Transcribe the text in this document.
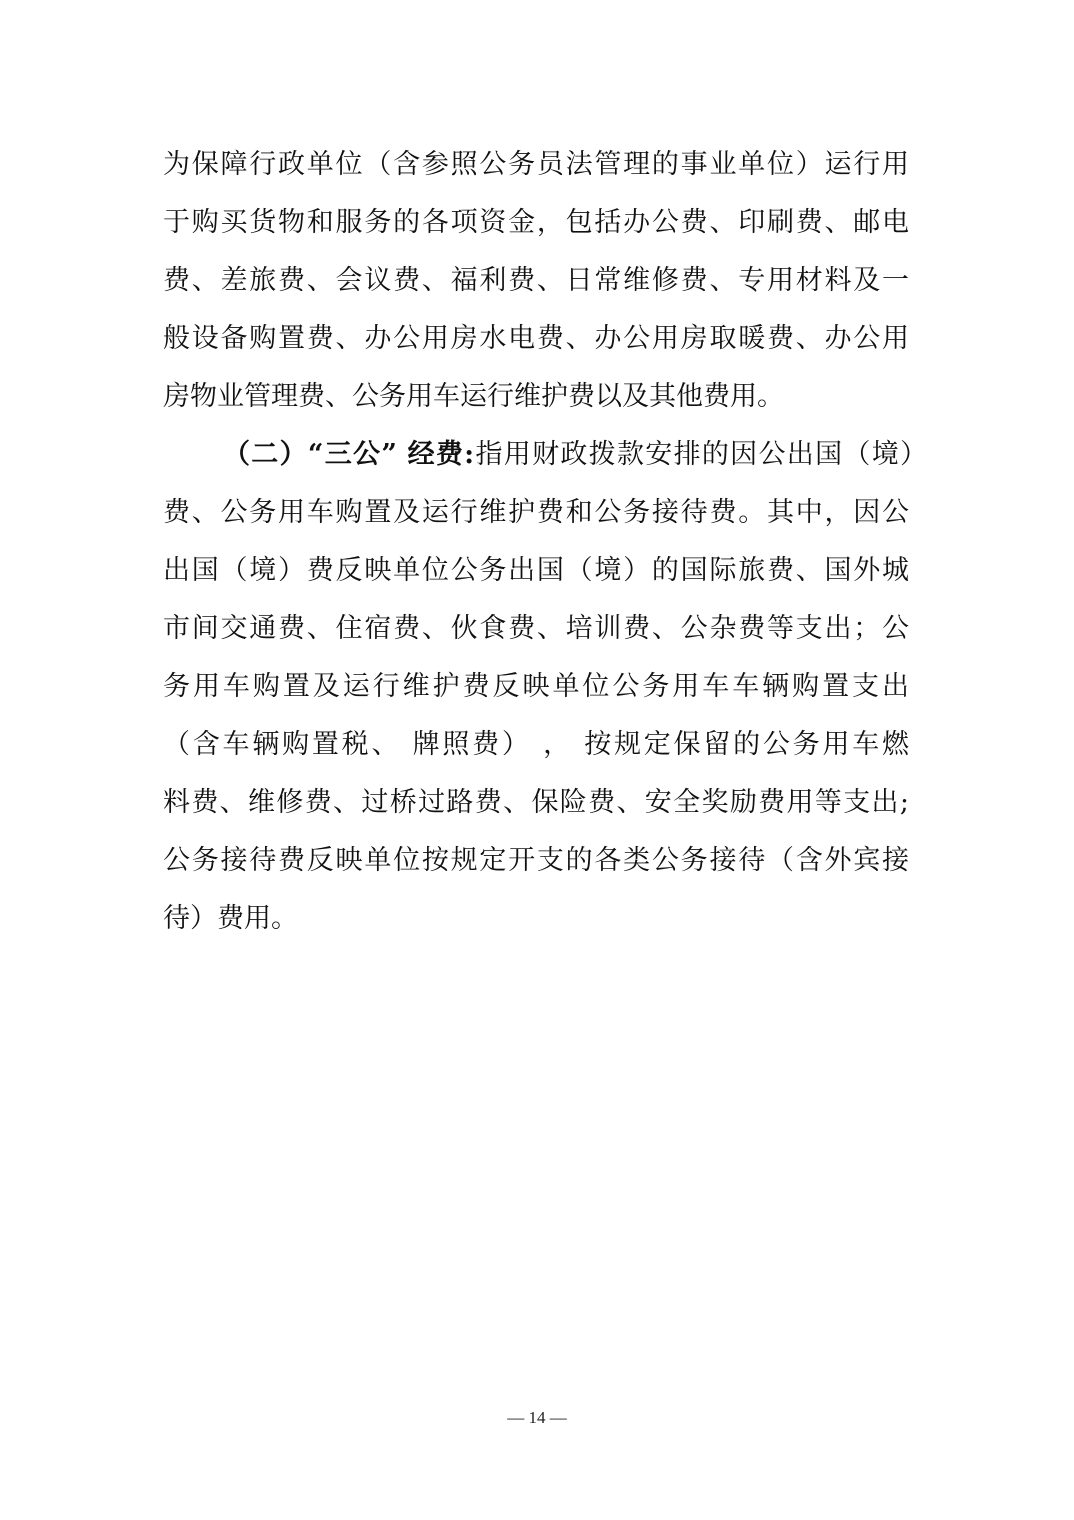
为保障行政单位（含参照公务员法管理的事业单位）运行用
于购买货物和服务的各项资金，包括办公费、印刷费、邮电
费、差旅费、会议费、福利费、日常维修费、专用材料及一
般设备购置费、办公用房水电费、办公用房取暖费、办公用
房物业管理费、公务用车运行维护费以及其他费用。
（二）“三公” 经费:指用财政拨款安排的因公出国（境）
费、公务用车购置及运行维护费和公务接待费。其中，因公
出国（境）费反映单位公务出国（境）的国际旅费、国外城
市间交通费、住宿费、伙食费、培训费、公杂费等支出；公
务用车购置及运行维护费反映单位公务用车车辆购置支出
（含车辆购置税、 牌照费） ， 按规定保留的公务用车燃
料费、维修费、过桥过路费、保险费、安全奖励费用等支出;
公务接待费反映单位按规定开支的各类公务接待（含外宾接
待）费用。
— 14 —
